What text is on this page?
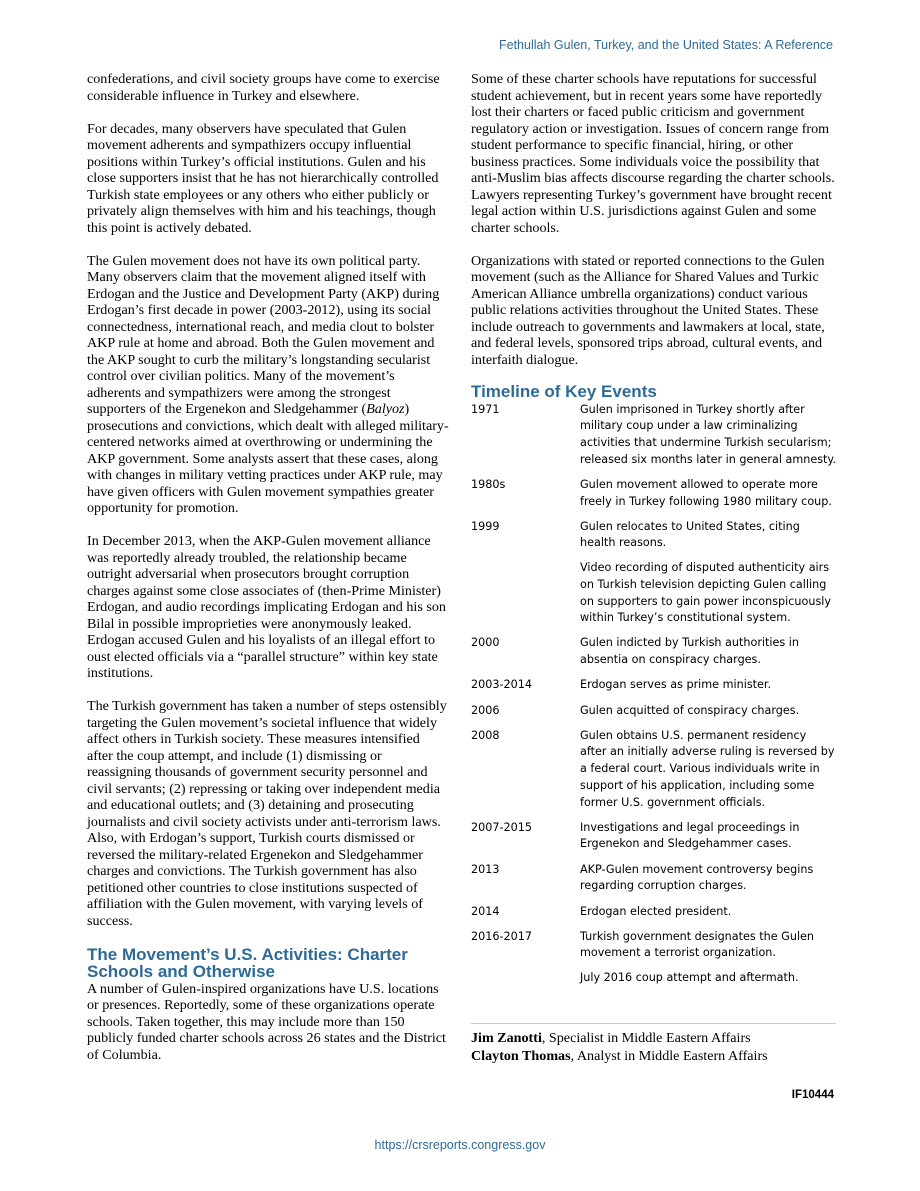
Fethullah Gulen, Turkey, and the United States: A Reference

confederations, and civil society groups have come to exercise considerable influence in Turkey and elsewhere.

For decades, many observers have speculated that Gulen movement adherents and sympathizers occupy influential positions within Turkey’s official institutions. Gulen and his close supporters insist that he has not hierarchically controlled Turkish state employees or any others who either publicly or privately align themselves with him and his teachings, though this point is actively debated.

The Gulen movement does not have its own political party. Many observers claim that the movement aligned itself with Erdogan and the Justice and Development Party (AKP) during Erdogan’s first decade in power (2003-2012), using its social connectedness, international reach, and media clout to bolster AKP rule at home and abroad. Both the Gulen movement and the AKP sought to curb the military’s longstanding secularist control over civilian politics. Many of the movement’s adherents and sympathizers were among the strongest supporters of the Ergenekon and Sledgehammer (Balyoz) prosecutions and convictions, which dealt with alleged military-centered networks aimed at overthrowing or undermining the AKP government. Some analysts assert that these cases, along with changes in military vetting practices under AKP rule, may have given officers with Gulen movement sympathies greater opportunity for promotion.

In December 2013, when the AKP-Gulen movement alliance was reportedly already troubled, the relationship became outright adversarial when prosecutors brought corruption charges against some close associates of (then-Prime Minister) Erdogan, and audio recordings implicating Erdogan and his son Bilal in possible improprieties were anonymously leaked. Erdogan accused Gulen and his loyalists of an illegal effort to oust elected officials via a “parallel structure” within key state institutions.

The Turkish government has taken a number of steps ostensibly targeting the Gulen movement’s societal influence that widely affect others in Turkish society. These measures intensified after the coup attempt, and include (1) dismissing or reassigning thousands of government security personnel and civil servants; (2) repressing or taking over independent media and educational outlets; and (3) detaining and prosecuting journalists and civil society activists under anti-terrorism laws. Also, with Erdogan’s support, Turkish courts dismissed or reversed the military-related Ergenekon and Sledgehammer charges and convictions. The Turkish government has also petitioned other countries to close institutions suspected of affiliation with the Gulen movement, with varying levels of success.

The Movement’s U.S. Activities: Charter Schools and Otherwise

A number of Gulen-inspired organizations have U.S. locations or presences. Reportedly, some of these organizations operate schools. Taken together, this may include more than 150 publicly funded charter schools across 26 states and the District of Columbia.

Some of these charter schools have reputations for successful student achievement, but in recent years some have reportedly lost their charters or faced public criticism and government regulatory action or investigation. Issues of concern range from student performance to specific financial, hiring, or other business practices. Some individuals voice the possibility that anti-Muslim bias affects discourse regarding the charter schools. Lawyers representing Turkey’s government have brought recent legal action within U.S. jurisdictions against Gulen and some charter schools.

Organizations with stated or reported connections to the Gulen movement (such as the Alliance for Shared Values and Turkic American Alliance umbrella organizations) conduct various public relations activities throughout the United States. These include outreach to governments and lawmakers at local, state, and federal levels, sponsored trips abroad, cultural events, and interfaith dialogue.

Timeline of Key Events
1971	Gulen imprisoned in Turkey shortly after military coup under a law criminalizing activities that undermine Turkish secularism; released six months later in general amnesty.

1980s	Gulen movement allowed to operate more freely in Turkey following 1980 military coup.

1999	Gulen relocates to United States, citing health reasons.
Video recording of disputed authenticity airs on Turkish television depicting Gulen calling on supporters to gain power inconspicuously within Turkey’s constitutional system.

2000	Gulen indicted by Turkish authorities in absentia on conspiracy charges.

2003-2014	Erdogan serves as prime minister.

2006	Gulen acquitted of conspiracy charges.

2008	Gulen obtains U.S. permanent residency after an initially adverse ruling is reversed by a federal court. Various individuals write in support of his application, including some former U.S. government officials.

2007-2015	Investigations and legal proceedings in Ergenekon and Sledgehammer cases.

2013	AKP-Gulen movement controversy begins regarding corruption charges.

2014	Erdogan elected president.

2016-2017	Turkish government designates the Gulen movement a terrorist organization.
July 2016 coup attempt and aftermath.

Jim Zanotti, Specialist in Middle Eastern Affairs

Clayton Thomas, Analyst in Middle Eastern Affairs

IF10444
https://crsreports.congress.gov
